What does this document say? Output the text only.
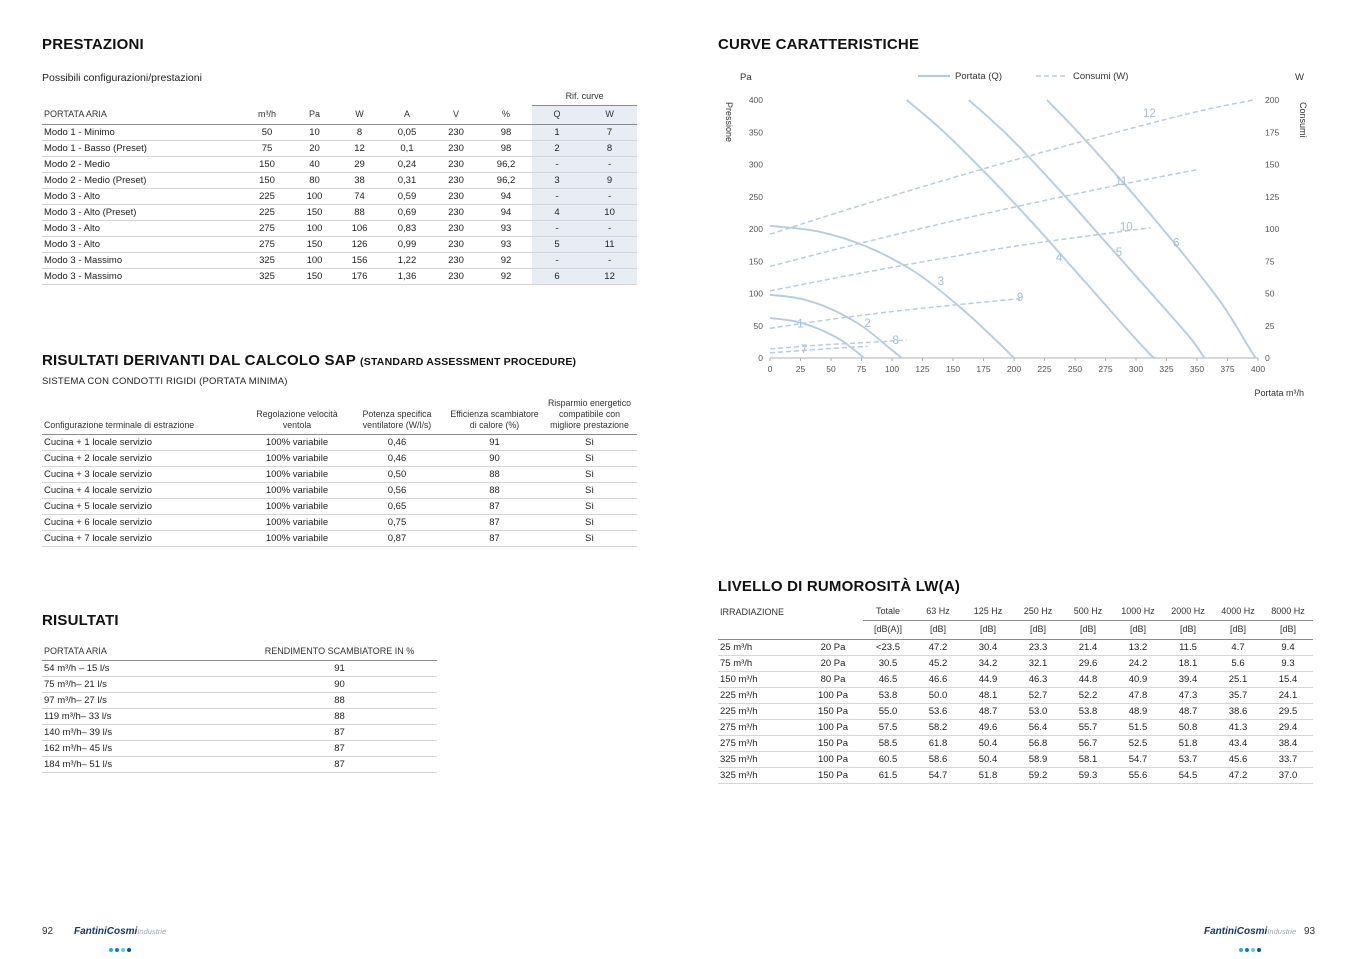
PRESTAZIONI
Possibili configurazioni/prestazioni
							Rif. curve	
PORTATA ARIA	m³/h	Pa	W	A	V	%	Q	W
Modo 1 - Minimo	50	10	8	0,05	230	98	1	7
Modo 1 - Basso (Preset)	75	20	12	0,1	230	98	2	8
Modo 2 - Medio	150	40	29	0,24	230	96,2	-	-
Modo 2 - Medio (Preset)	150	80	38	0,31	230	96,2	3	9
Modo 3 - Alto	225	100	74	0,59	230	94	-	-
Modo 3 - Alto (Preset)	225	150	88	0,69	230	94	4	10
Modo 3 - Alto	275	100	106	0,83	230	93	-	-
Modo 3 - Alto	275	150	126	0,99	230	93	5	11
Modo 3 - Massimo	325	100	156	1,22	230	92	-	-
Modo 3 - Massimo	325	150	176	1,36	230	92	6	12
RISULTATI DERIVANTI DAL CALCOLO SAP (STANDARD ASSESSMENT PROCEDURE)
SISTEMA CON CONDOTTI RIGIDI (PORTATA MINIMA)
Configurazione terminale di estrazione	Regolazione velocità ventola	Potenza specifica ventilatore (W/l/s)	Efficienza scambiatore di calore (%)	Risparmio energetico compatibile con migliore prestazione
Cucina + 1 locale servizio	100% variabile	0,46	91	Sì
Cucina + 2 locale servizio	100% variabile	0,46	90	Sì
Cucina + 3 locale servizio	100% variabile	0,50	88	Sì
Cucina + 4 locale servizio	100% variabile	0,56	88	Sì
Cucina + 5 locale servizio	100% variabile	0,65	87	Sì
Cucina + 6 locale servizio	100% variabile	0,75	87	Sì
Cucina + 7 locale servizio	100% variabile	0,87	87	Sì
RISULTATI
PORTATA ARIA	RENDIMENTO SCAMBIATORE IN %
54 m³/h – 15 l/s	91
75 m³/h– 21 l/s	90
97 m³/h– 27 l/s	88
119 m³/h– 33 l/s	88
140 m³/h– 39 l/s	87
162 m³/h– 45 l/s	87
184 m³/h– 51 l/s	87
CURVE CARATTERISTICHE
0	25 50 75 100 125 150 175 200 225 250 275 300 325 350 375 400
0
50
100
150
200
250
300
350
400
0
25
50
75
100
125
150
175
200
Pa	W
Pressione	Consumi
Portata m³/h
Portata (Q)	Consumi (W)
1	2
3
4	5
6
7
8
9
10
11
12
LIVELLO DI RUMOROSITÀ LW(A)
IRRADIAZIONE		Totale	63 Hz	125 Hz	250 Hz	500 Hz	1000 Hz	2000 Hz	4000 Hz	8000 Hz
		[dB(A)]	[dB]	[dB]	[dB]	[dB]	[dB]	[dB]	[dB]	[dB]
25 m³/h	20 Pa	<23.5	47.2	30.4	23.3	21.4	13.2	11.5	4.7	9.4
75 m³/h	20 Pa	30.5	45.2	34.2	32.1	29.6	24.2	18.1	5.6	9.3
150 m³/h	80 Pa	46.5	46.6	44.9	46.3	44.8	40.9	39.4	25.1	15.4
225 m³/h	100 Pa	53.8	50.0	48.1	52.7	52.2	47.8	47.3	35.7	24.1
225 m³/h	150 Pa	55.0	53.6	48.7	53.0	53.8	48.9	48.7	38.6	29.5
275 m³/h	100 Pa	57.5	58.2	49.6	56.4	55.7	51.5	50.8	41.3	29.4
275 m³/h	150 Pa	58.5	61.8	50.4	56.8	56.7	52.5	51.8	43.4	38.4
325 m³/h	100 Pa	60.5	58.6	50.4	58.9	58.1	54.7	53.7	45.6	33.7
325 m³/h	150 Pa	61.5	54.7	51.8	59.2	59.3	55.6	54.5	47.2	37.0
92 FantiniCosmiIndustrie	FantiniCosmiIndustrie 93
